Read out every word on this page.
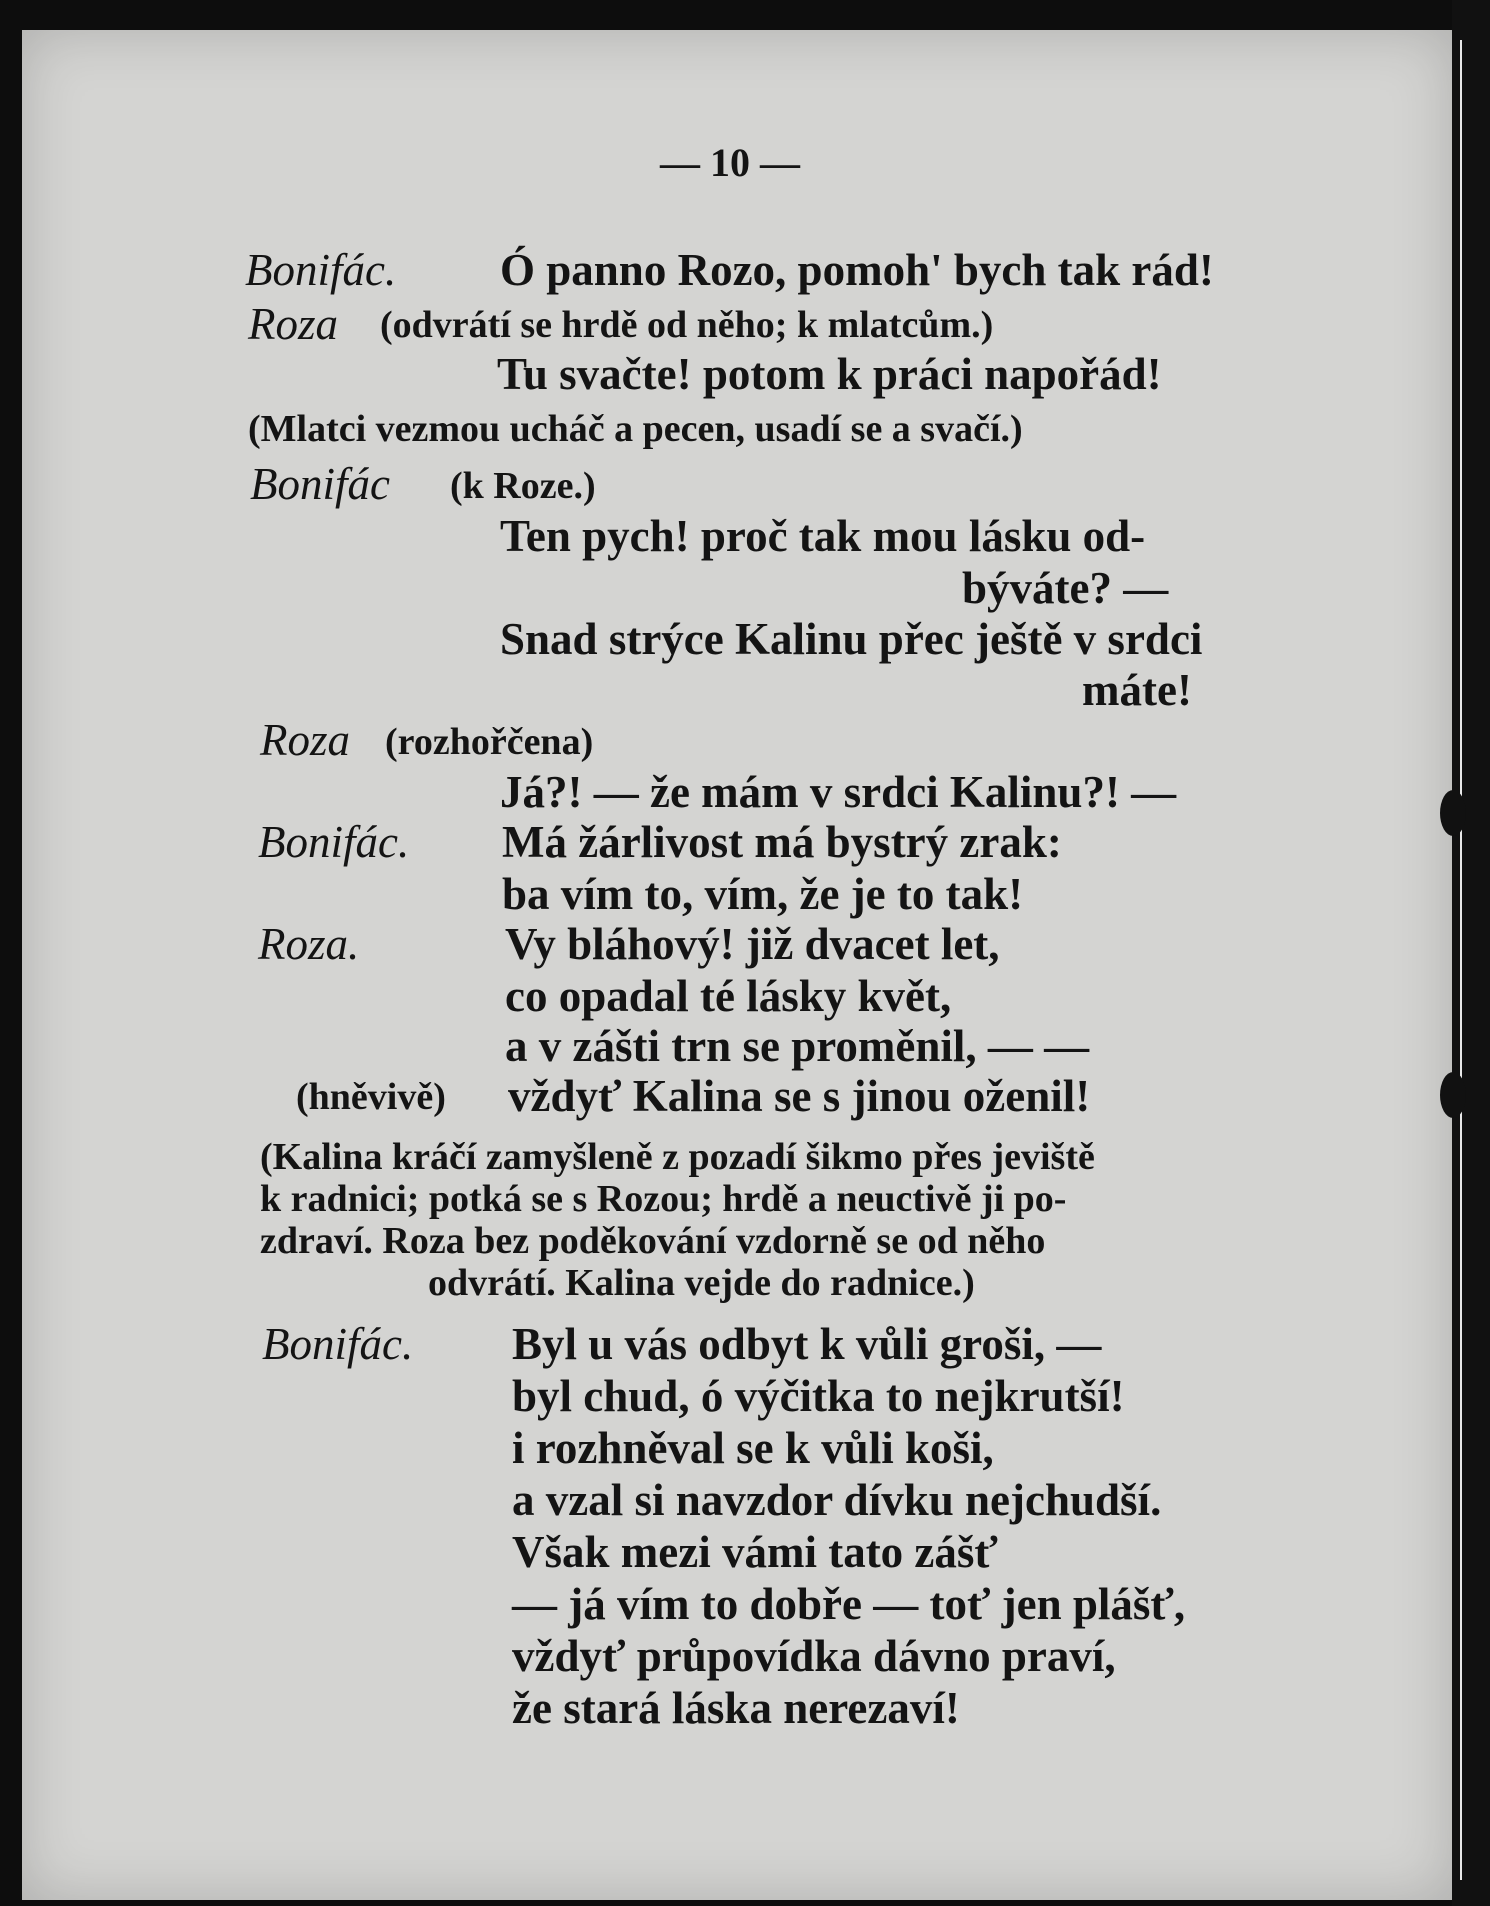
— 10 —
Bonifác. Ó panno Rozo, pomoh' bych tak rád!
Roza (odvrátí se hrdě od něho; k mlatcům.)
Tu svačte! potom k práci napořád!
(Mlatci vezmou ucháč a pecen, usadí se a svačí.)
Bonifác (k Roze.)
Ten pych! proč tak mou lásku od-
býváte? —
Snad strýce Kalinu přec ještě v srdci
máte!
Roza (rozhořčena)
Já?! — že mám v srdci Kalinu?! —
Bonifác. Má žárlivost má bystrý zrak:
ba vím to, vím, že je to tak!
Roza.	Vy bláhový! již dvacet let,
co opadal té lásky květ,
a v zášti trn se proměnil, — —
(hněvivě) vždyť Kalina se s jinou oženil!
(Kalina kráčí zamyšleně z pozadí šikmo přes jeviště
k radnici; potká se s Rozou; hrdě a neuctivě ji po-
zdraví. Roza bez poděkování vzdorně se od něho
odvrátí. Kalina vejde do radnice.)
Bonifác. Byl u vás odbyt k vůli groši, —
byl chud, ó výčitka to nejkrutší!
i rozhněval se k vůli koši,
a vzal si navzdor dívku nejchudší.
Však mezi vámi tato zášť
— já vím to dobře — toť jen plášť,
vždyť průpovídka dávno praví,
že stará láska nerezaví!
